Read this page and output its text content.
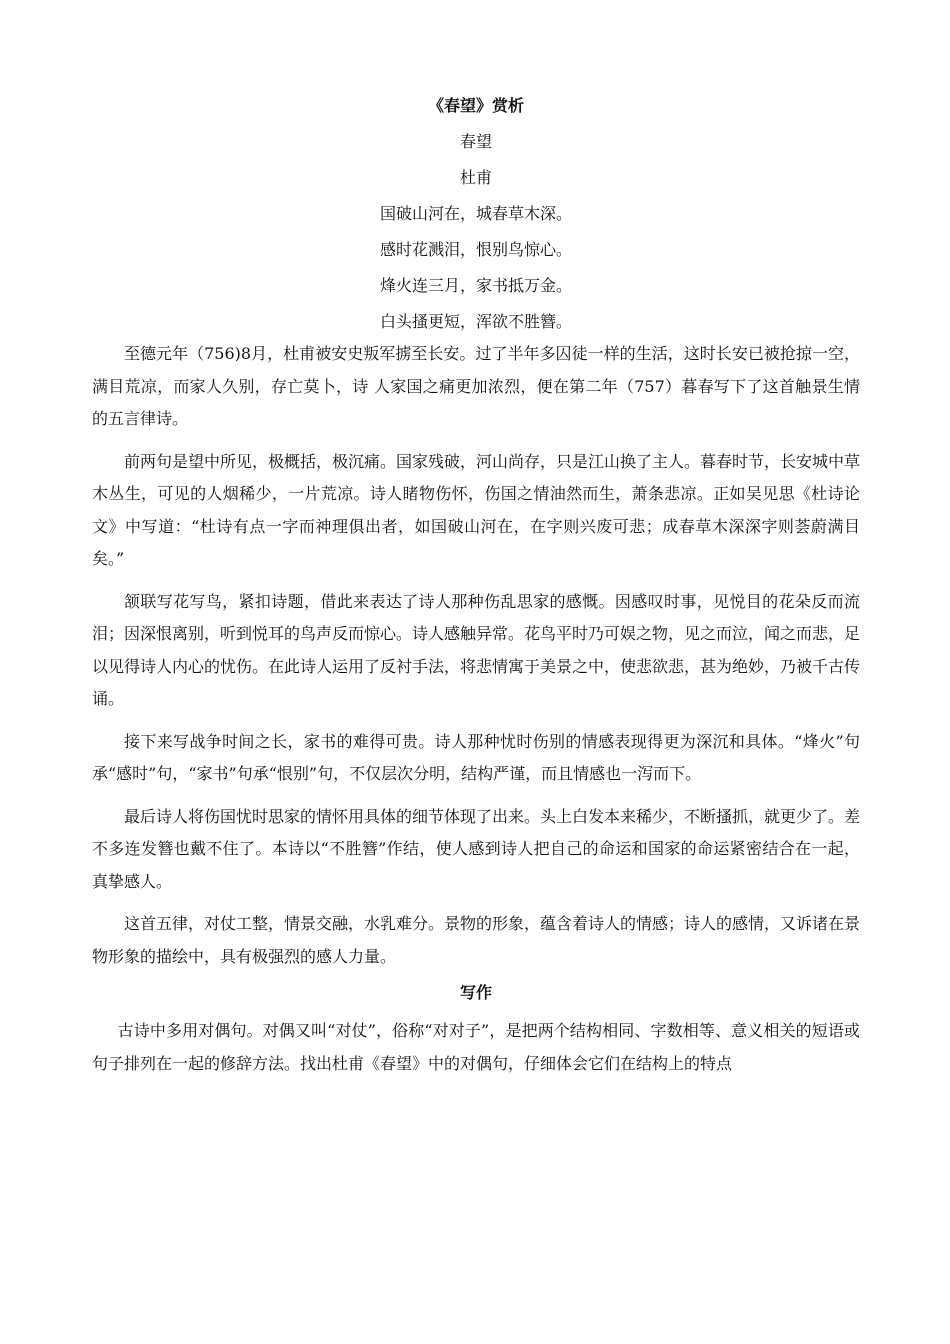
《春望》赏析
春望
杜甫
国破山河在，城春草木深。
感时花溅泪，恨别鸟惊心。
烽火连三月，家书抵万金。
白头搔更短，浑欲不胜簪。

至德元年（756)8月，杜甫被安史叛军掳至长安。过了半年多囚徒一样的生活，这时长安已被抢掠一空，满目荒凉，而家人久别，存亡莫卜，诗 人家国之痛更加浓烈，便在第二年（757）暮春写下了这首触景生情的五言律诗。

前两句是望中所见，极概括，极沉痛。国家残破，河山尚存，只是江山换了主人。暮春时节，长安城中草木丛生，可见的人烟稀少，一片荒凉。诗人睹物伤怀，伤国之情油然而生，萧条悲凉。正如吴见思《杜诗论文》中写道：“杜诗有点一字而神理俱出者，如国破山河在，在字则兴废可悲；成春草木深深字则荟蔚满目矣。”

颔联写花写鸟，紧扣诗题，借此来表达了诗人那种伤乱思家的感慨。因感叹时事，见悦目的花朵反而流泪；因深恨离别，听到悦耳的鸟声反而惊心。诗人感触异常。花鸟平时乃可娱之物，见之而泣，闻之而悲，足以见得诗人内心的忧伤。在此诗人运用了反衬手法，将悲情寓于美景之中，使悲欲悲，甚为绝妙，乃被千古传诵。

接下来写战争时间之长，家书的难得可贵。诗人那种忧时伤别的情感表现得更为深沉和具体。“烽火”句承“感时”句，“家书”句承“恨别”句，不仅层次分明，结构严谨，而且情感也一泻而下。

最后诗人将伤国忧时思家的情怀用具体的细节体现了出来。头上白发本来稀少，不断搔抓，就更少了。差不多连发簪也戴不住了。本诗以“不胜簪”作结，使人感到诗人把自己的命运和国家的命运紧密结合在一起，真挚感人。

这首五律，对仗工整，情景交融，水乳难分。景物的形象，蕴含着诗人的情感；诗人的感情，又诉诸在景物形象的描绘中，具有极强烈的感人力量。

写作

古诗中多用对偶句。对偶又叫“对仗”，俗称“对对子”，是把两个结构相同、字数相等、意义相关的短语或句子排列在一起的修辞方法。找出杜甫《春望》中的对偶句，仔细体会它们在结构上的特点
